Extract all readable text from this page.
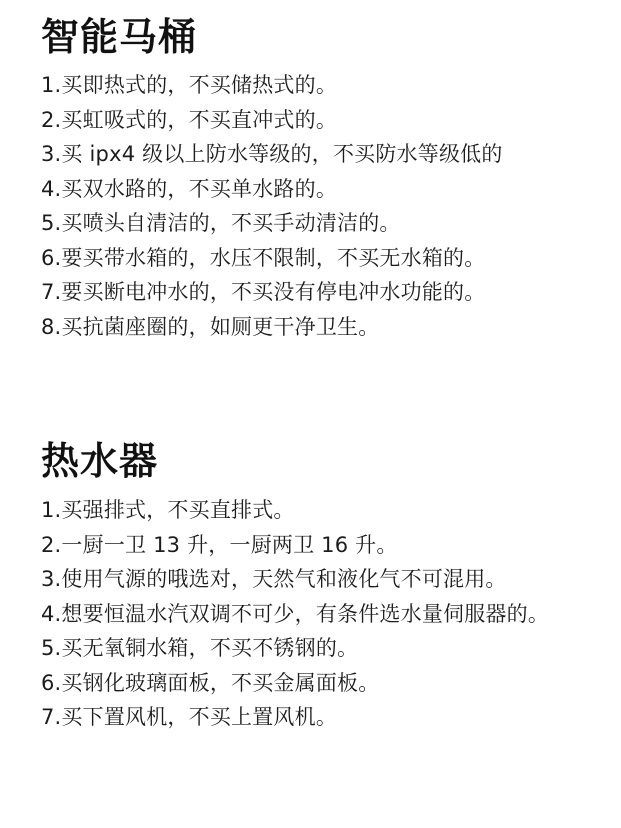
智能马桶

1.买即热式的，不买储热式的。

2.买虹吸式的，不买直冲式的。

3.买 ipx4 级以上防水等级的，不买防水等级低的

4.买双水路的，不买单水路的。

5.买喷头自清洁的，不买手动清洁的。

6.要买带水箱的，水压不限制，不买无水箱的。

7.要买断电冲水的，不买没有停电冲水功能的。

8.买抗菌座圈的，如厕更干净卫生。

热水器

1.买强排式，不买直排式。

2.一厨一卫 13 升，一厨两卫 16 升。

3.使用气源的哦选对，天然气和液化气不可混用。

4.想要恒温水汽双调不可少，有条件选水量伺服器的。

5.买无氧铜水箱，不买不锈钢的。

6.买钢化玻璃面板，不买金属面板。

7.买下置风机，不买上置风机。
